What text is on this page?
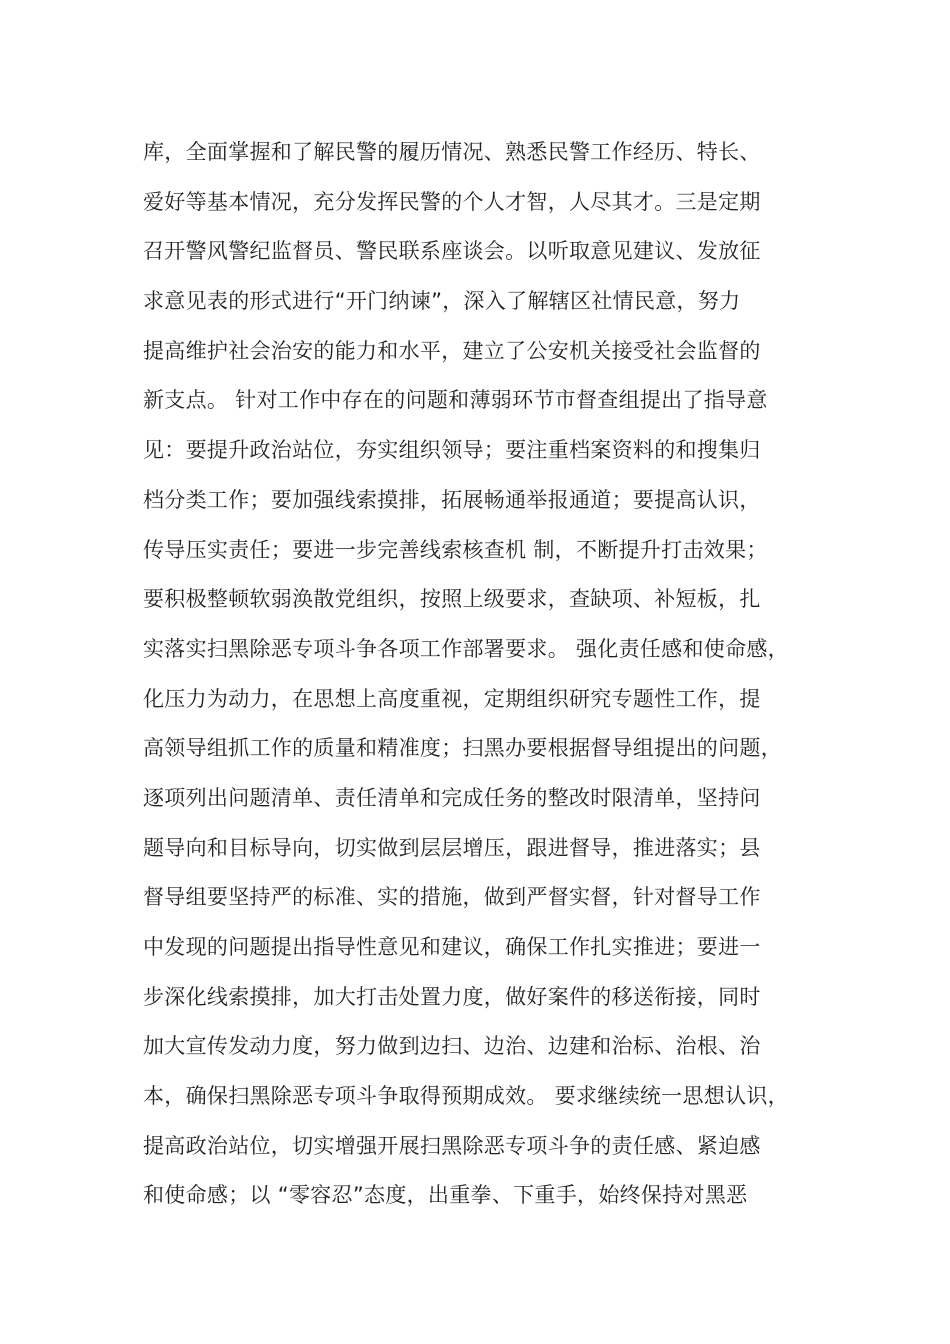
库，全面掌握和了解民警的履历情况、熟悉民警工作经历、特长、
爱好等基本情况，充分发挥民警的个人才智，人尽其才。三是定期
召开警风警纪监督员、警民联系座谈会。以听取意见建议、发放征
求意见表的形式进行“开门纳谏”，深入了解辖区社情民意，努力
提高维护社会治安的能力和水平，建立了公安机关接受社会监督的
新支点。 针对工作中存在的问题和薄弱环节市督查组提出了指导意
见：要提升政治站位，夯实组织领导；要注重档案资料的和搜集归
档分类工作；要加强线索摸排，拓展畅通举报通道；要提高认识，
传导压实责任；要进一步完善线索核查机 制，不断提升打击效果；
要积极整顿软弱涣散党组织，按照上级要求，查缺项、补短板，扎
实落实扫黑除恶专项斗争各项工作部署要求。 强化责任感和使命感，
化压力为动力，在思想上高度重视，定期组织研究专题性工作，提
高领导组抓工作的质量和精准度；扫黑办要根据督导组提出的问题，
逐项列出问题清单、责任清单和完成任务的整改时限清单，坚持问
题导向和目标导向，切实做到层层增压，跟进督导，推进落实；县
督导组要坚持严的标准、实的措施，做到严督实督，针对督导工作
中发现的问题提出指导性意见和建议，确保工作扎实推进；要进一
步深化线索摸排，加大打击处置力度，做好案件的移送衔接，同时
加大宣传发动力度，努力做到边扫、边治、边建和治标、治根、治
本，确保扫黑除恶专项斗争取得预期成效。 要求继续统一思想认识，
提高政治站位，切实增强开展扫黑除恶专项斗争的责任感、紧迫感
和使命感；以 “零容忍”态度，出重拳、下重手，始终保持对黑恶
